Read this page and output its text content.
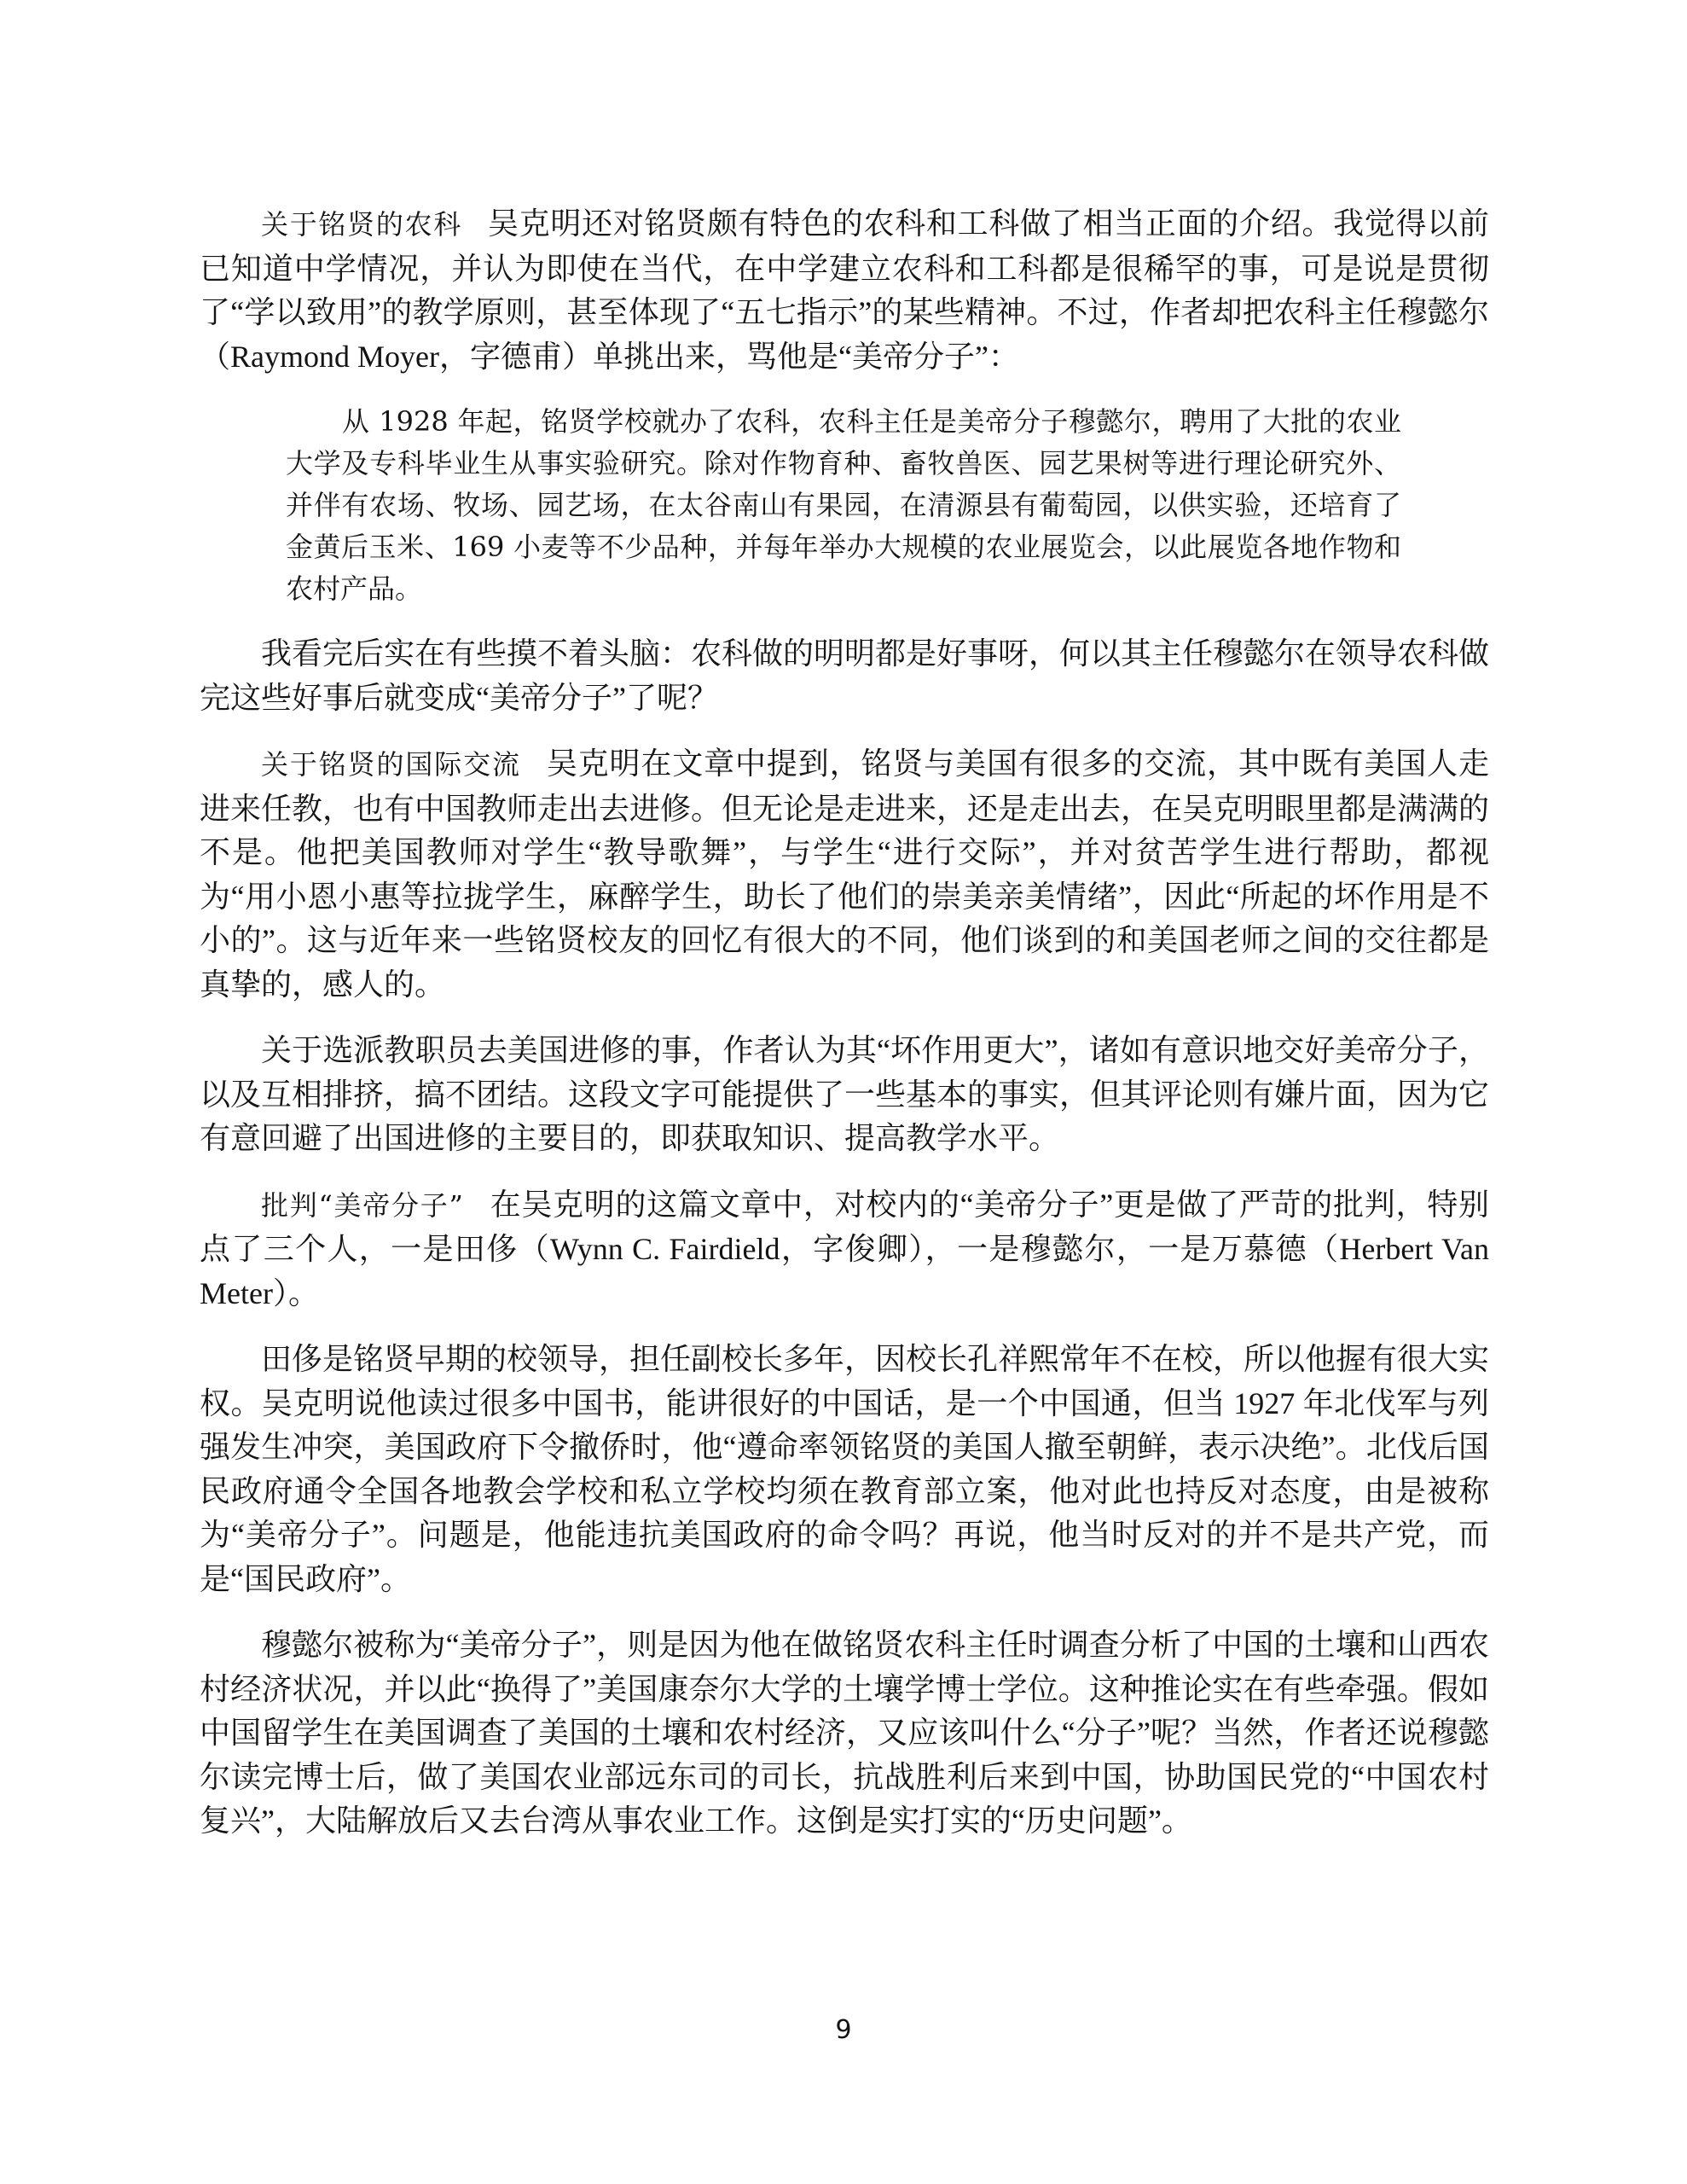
关于铭贤的农科 吴克明还对铭贤颇有特色的农科和工科做了相当正面的介绍。我觉得以前已知道中学情况，并认为即使在当代，在中学建立农科和工科都是很稀罕的事，可是说是贯彻了“学以致用”的教学原则，甚至体现了“五七指示”的某些精神。不过，作者却把农科主任穆懿尔（Raymond Moyer，字德甫）单挑出来，骂他是“美帝分子”：

从 1928 年起，铭贤学校就办了农科，农科主任是美帝分子穆懿尔，聘用了大批的农业大学及专科毕业生从事实验研究。除对作物育种、畜牧兽医、园艺果树等进行理论研究外、并伴有农场、牧场、园艺场，在太谷南山有果园，在清源县有葡萄园，以供实验，还培育了金黄后玉米、169 小麦等不少品种，并每年举办大规模的农业展览会，以此展览各地作物和农村产品。

我看完后实在有些摸不着头脑：农科做的明明都是好事呀，何以其主任穆懿尔在领导农科做完这些好事后就变成“美帝分子”了呢？

关于铭贤的国际交流 吴克明在文章中提到，铭贤与美国有很多的交流，其中既有美国人走进来任教，也有中国教师走出去进修。但无论是走进来，还是走出去，在吴克明眼里都是满满的不是。他把美国教师对学生“教导歌舞”，与学生“进行交际”，并对贫苦学生进行帮助，都视为“用小恩小惠等拉拢学生，麻醉学生，助长了他们的崇美亲美情绪”，因此“所起的坏作用是不小的”。这与近年来一些铭贤校友的回忆有很大的不同，他们谈到的和美国老师之间的交往都是真挚的，感人的。

关于选派教职员去美国进修的事，作者认为其“坏作用更大”，诸如有意识地交好美帝分子，以及互相排挤，搞不团结。这段文字可能提供了一些基本的事实，但其评论则有嫌片面，因为它有意回避了出国进修的主要目的，即获取知识、提高教学水平。

批判“美帝分子” 在吴克明的这篇文章中，对校内的“美帝分子”更是做了严苛的批判，特别点了三个人，一是田侈（Wynn C. Fairdield，字俊卿），一是穆懿尔，一是万慕德（Herbert Van Meter）。

田侈是铭贤早期的校领导，担任副校长多年，因校长孔祥熙常年不在校，所以他握有很大实权。吴克明说他读过很多中国书，能讲很好的中国话，是一个中国通，但当 1927 年北伐军与列强发生冲突，美国政府下令撤侨时，他“遵命率领铭贤的美国人撤至朝鲜，表示决绝”。北伐后国民政府通令全国各地教会学校和私立学校均须在教育部立案，他对此也持反对态度，由是被称为“美帝分子”。问题是，他能违抗美国政府的命令吗？再说，他当时反对的并不是共产党，而是“国民政府”。

穆懿尔被称为“美帝分子”，则是因为他在做铭贤农科主任时调查分析了中国的土壤和山西农村经济状况，并以此“换得了”美国康奈尔大学的土壤学博士学位。这种推论实在有些牵强。假如中国留学生在美国调查了美国的土壤和农村经济，又应该叫什么“分子”呢？当然，作者还说穆懿尔读完博士后，做了美国农业部远东司的司长，抗战胜利后来到中国，协助国民党的“中国农村复兴”，大陆解放后又去台湾从事农业工作。这倒是实打实的“历史问题”。

9
